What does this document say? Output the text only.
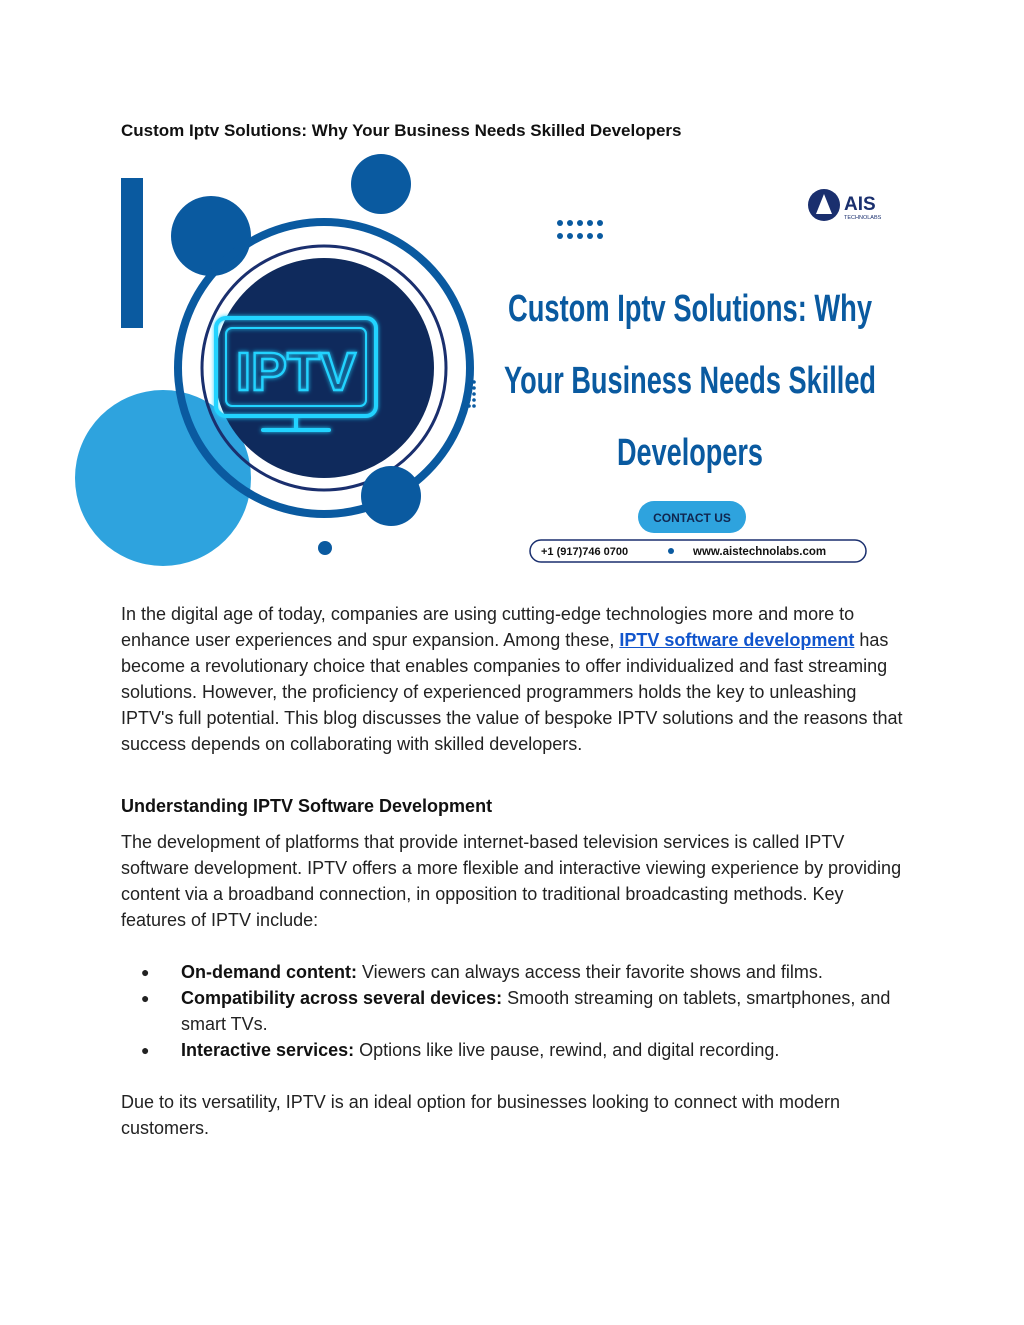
Custom Iptv Solutions: Why Your Business Needs Skilled Developers
IPTV
AIS
TECHNOLABS
Custom Iptv Solutions: Why
Your Business Needs Skilled
Developers
CONTACT US
+1 (917)746 0700	www.aistechnolabs.com

In the digital age of today, companies are using cutting-edge technologies more and more to enhance user experiences and spur expansion. Among these, IPTV software development has become a revolutionary choice that enables companies to offer individualized and fast streaming solutions. However, the proficiency of experienced programmers holds the key to unleashing IPTV's full potential. This blog discusses the value of bespoke IPTV solutions and the reasons that success depends on collaborating with skilled developers.

Understanding IPTV Software Development

The development of platforms that provide internet-based television services is called IPTV software development. IPTV offers a more flexible and interactive viewing experience by providing content via a broadband connection, in opposition to traditional broadcasting methods. Key features of IPTV include:

● On-demand content: Viewers can always access their favorite shows and films.
● Compatibility across several devices: Smooth streaming on tablets, smartphones, and smart TVs.
● Interactive services: Options like live pause, rewind, and digital recording.

Due to its versatility, IPTV is an ideal option for businesses looking to connect with modern customers.
